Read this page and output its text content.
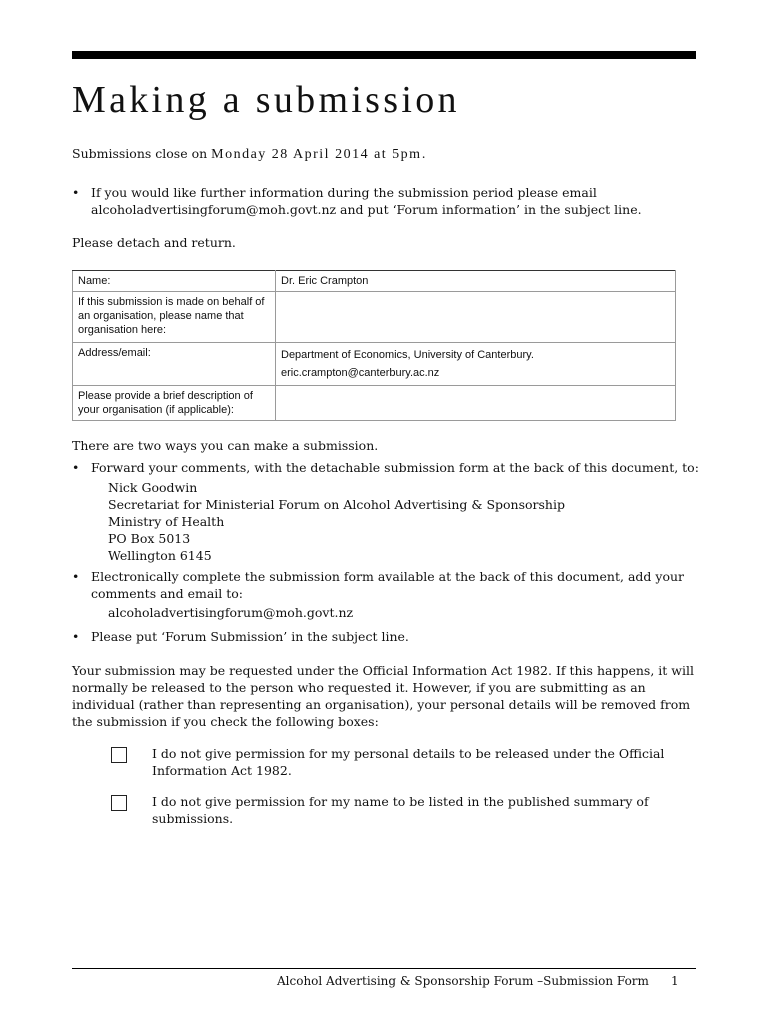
Making a submission

Submissions close on Monday 28 April 2014 at 5pm.

• If you would like further information during the submission period please email
alcoholadvertisingforum@moh.govt.nz and put ‘Forum information’ in the subject line.

Please detach and return.

Name:	Dr. Eric Crampton
If this submission is made on behalf of an organisation, please name that organisation here:	
Address/email:	Department of Economics, University of Canterbury.
eric.crampton@canterbury.ac.nz

Please provide a brief description of your organisation (if applicable):	

There are two ways you can make a submission.

• Forward your comments, with the detachable submission form at the back of this document, to:
Nick Goodwin
Secretariat for Ministerial Forum on Alcohol Advertising & Sponsorship
Ministry of Health
PO Box 5013
Wellington 6145
• Electronically complete the submission form available at the back of this document, add your
comments and email to:
alcoholadvertisingforum@moh.govt.nz
• Please put ‘Forum Submission’ in the subject line.
Your submission may be requested under the Official Information Act 1982. If this happens, it will
normally be released to the person who requested it. However, if you are submitting as an
individual (rather than representing an organisation), your personal details will be removed from
the submission if you check the following boxes:
I do not give permission for my personal details to be released under the Official
Information Act 1982.
I do not give permission for my name to be listed in the published summary of
submissions.
Alcohol Advertising & Sponsorship Forum –Submission Form 1
